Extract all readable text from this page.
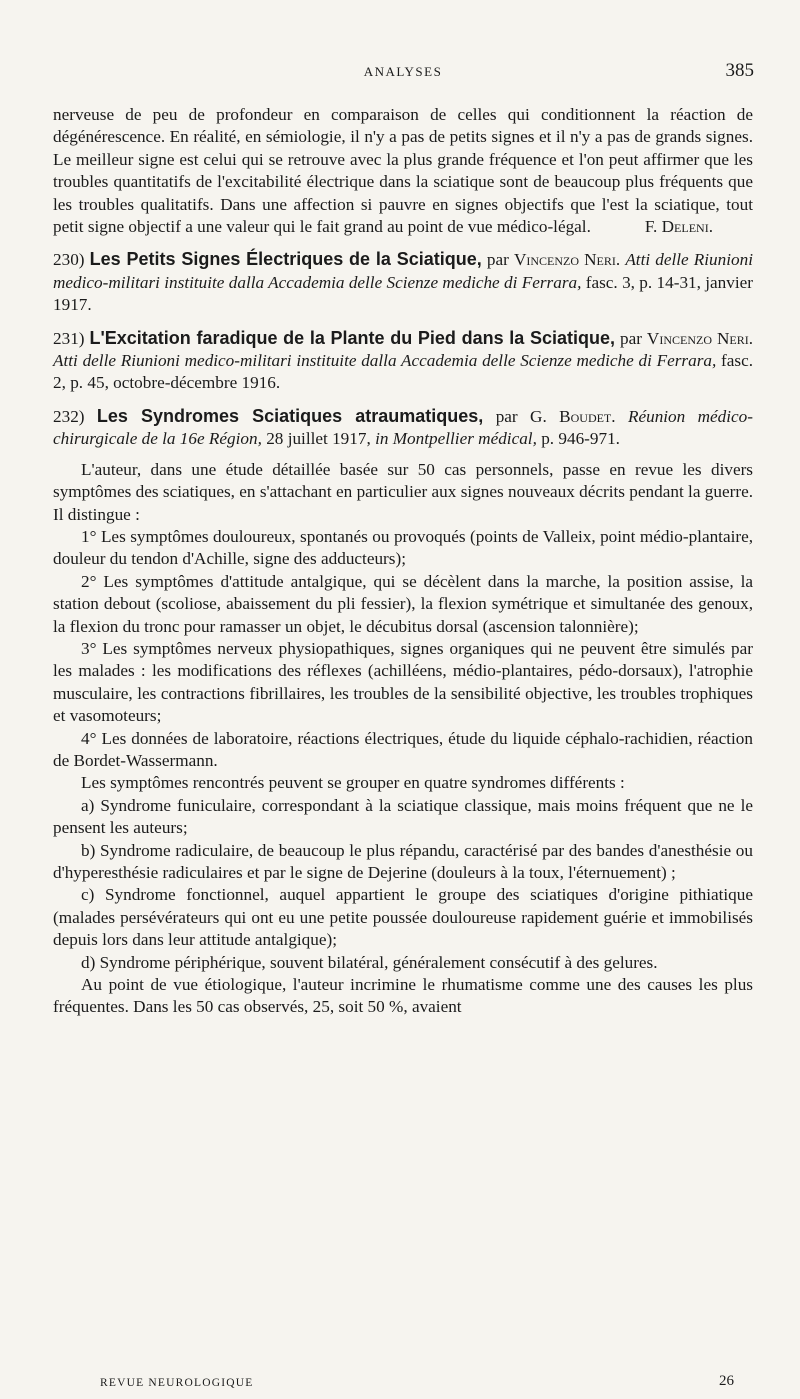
ANALYSES	385

nerveuse de peu de profondeur en comparaison de celles qui conditionnent la réaction de dégénérescence. En réalité, en sémiologie, il n'y a pas de petits signes et il n'y a pas de grands signes. Le meilleur signe est celui qui se retrouve avec la plus grande fréquence et l'on peut affirmer que les troubles quantitatifs de l'excitabilité électrique dans la sciatique sont de beaucoup plus fréquents que les troubles qualitatifs. Dans une affection si pauvre en signes objectifs que l'est la sciatique, tout petit signe objectif a une valeur qui le fait grand au point de vue médico-légal.	F. Deleni.

230) Les Petits Signes Électriques de la Sciatique, par Vincenzo Neri. Atti delle Riunioni medico-militari instituite dalla Accademia delle Scienze mediche di Ferrara, fasc. 3, p. 14-31, janvier 1917.

231) L'Excitation faradique de la Plante du Pied dans la Sciatique, par Vincenzo Neri. Atti delle Riunioni medico-militari instituite dalla Accademia delle Scienze mediche di Ferrara, fasc. 2, p. 45, octobre-décembre 1916.

232) Les Syndromes Sciatiques atraumatiques, par G. Boudet. Réunion médico-chirurgicale de la 16e Région, 28 juillet 1917, in Montpellier médical, p. 946-971.

L'auteur, dans une étude détaillée basée sur 50 cas personnels, passe en revue les divers symptômes des sciatiques, en s'attachant en particulier aux signes nouveaux décrits pendant la guerre. Il distingue :

1° Les symptômes douloureux, spontanés ou provoqués (points de Valleix, point médio-plantaire, douleur du tendon d'Achille, signe des adducteurs);

2° Les symptômes d'attitude antalgique, qui se décèlent dans la marche, la position assise, la station debout (scoliose, abaissement du pli fessier), la flexion symétrique et simultanée des genoux, la flexion du tronc pour ramasser un objet, le décubitus dorsal (ascension talonnière);

3° Les symptômes nerveux physiopathiques, signes organiques qui ne peuvent être simulés par les malades : les modifications des réflexes (achilléens, médio-plantaires, pédo-dorsaux), l'atrophie musculaire, les contractions fibrillaires, les troubles de la sensibilité objective, les troubles trophiques et vasomoteurs;

4° Les données de laboratoire, réactions électriques, étude du liquide céphalo-rachidien, réaction de Bordet-Wassermann.

Les symptômes rencontrés peuvent se grouper en quatre syndromes différents :

a) Syndrome funiculaire, correspondant à la sciatique classique, mais moins fréquent que ne le pensent les auteurs;

b) Syndrome radiculaire, de beaucoup le plus répandu, caractérisé par des bandes d'anesthésie ou d'hyperesthésie radiculaires et par le signe de Dejerine (douleurs à la toux, l'éternuement) ;

c) Syndrome fonctionnel, auquel appartient le groupe des sciatiques d'origine pithiatique (malades persévérateurs qui ont eu une petite poussée douloureuse rapidement guérie et immobilisés depuis lors dans leur attitude antalgique);

d) Syndrome périphérique, souvent bilatéral, généralement consécutif à des gelures.

Au point de vue étiologique, l'auteur incrimine le rhumatisme comme une des causes les plus fréquentes. Dans les 50 cas observés, 25, soit 50 %, avaient

REVUE NEUROLOGIQUE	26
